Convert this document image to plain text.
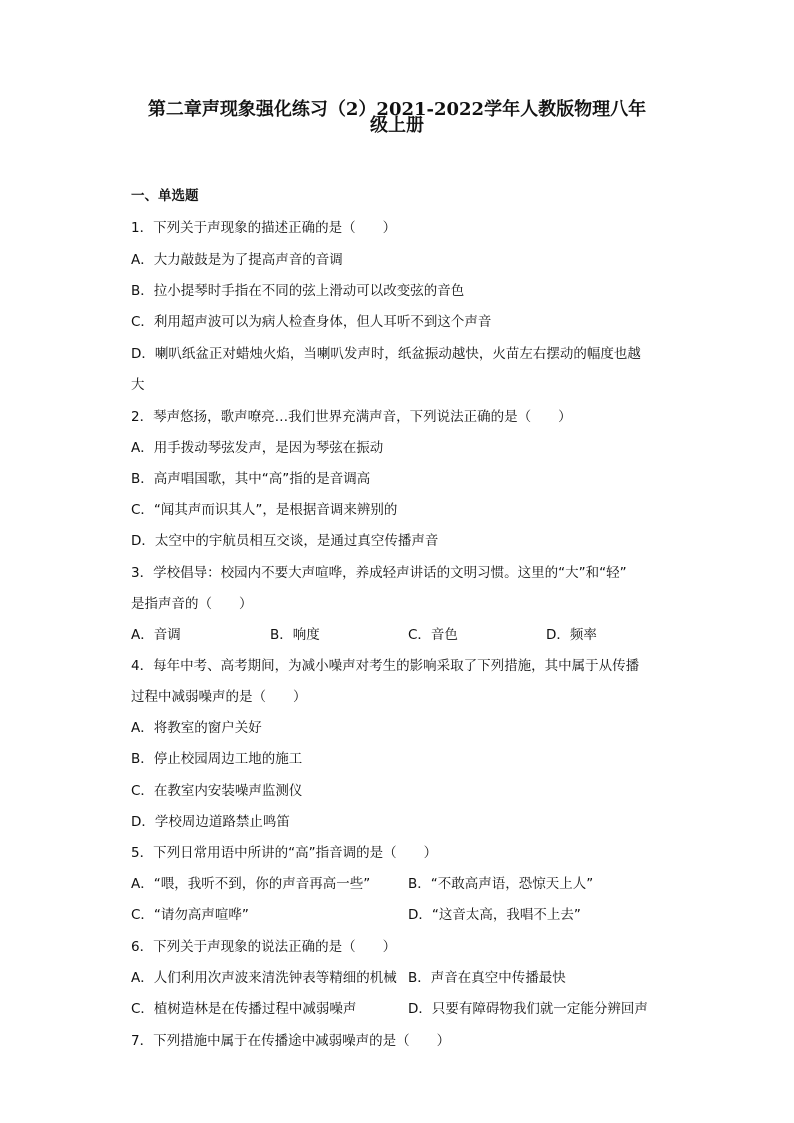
第二章声现象强化练习（2）2021-2022学年人教版物理八年
级上册
一、单选题
1．下列关于声现象的描述正确的是（　　）
A．大力敲鼓是为了提高声音的音调
B．拉小提琴时手指在不同的弦上滑动可以改变弦的音色
C．利用超声波可以为病人检查身体，但人耳听不到这个声音
D．喇叭纸盆正对蜡烛火焰，当喇叭发声时，纸盆振动越快，火苗左右摆动的幅度也越
大
2．琴声悠扬，歌声嘹亮…我们世界充满声音，下列说法正确的是（　　）
A．用手拨动琴弦发声，是因为琴弦在振动
B．高声唱国歌，其中“高”指的是音调高
C．“闻其声而识其人”，是根据音调来辨别的
D．太空中的宇航员相互交谈，是通过真空传播声音
3．学校倡导：校园内不要大声喧哗，养成轻声讲话的文明习惯。这里的“大”和“轻”
是指声音的（　　）
A．音调	B．响度	C．音色	D．频率
4．每年中考、高考期间，为减小噪声对考生的影响采取了下列措施，其中属于从传播
过程中减弱噪声的是（　　）
A．将教室的窗户关好
B．停止校园周边工地的施工
C．在教室内安装噪声监测仪
D．学校周边道路禁止鸣笛
5．下列日常用语中所讲的“高”指音调的是（　　）
A．“喂，我听不到，你的声音再高一些”	B．“不敢高声语，恐惊天上人”
C．“请勿高声喧哗”	D．“这音太高，我唱不上去”
6．下列关于声现象的说法正确的是（　　）
A．人们利用次声波来清洗钟表等精细的机械 B．声音在真空中传播最快
C．植树造林是在传播过程中减弱噪声	D．只要有障碍物我们就一定能分辨回声
7．下列措施中属于在传播途中减弱噪声的是（　　）
